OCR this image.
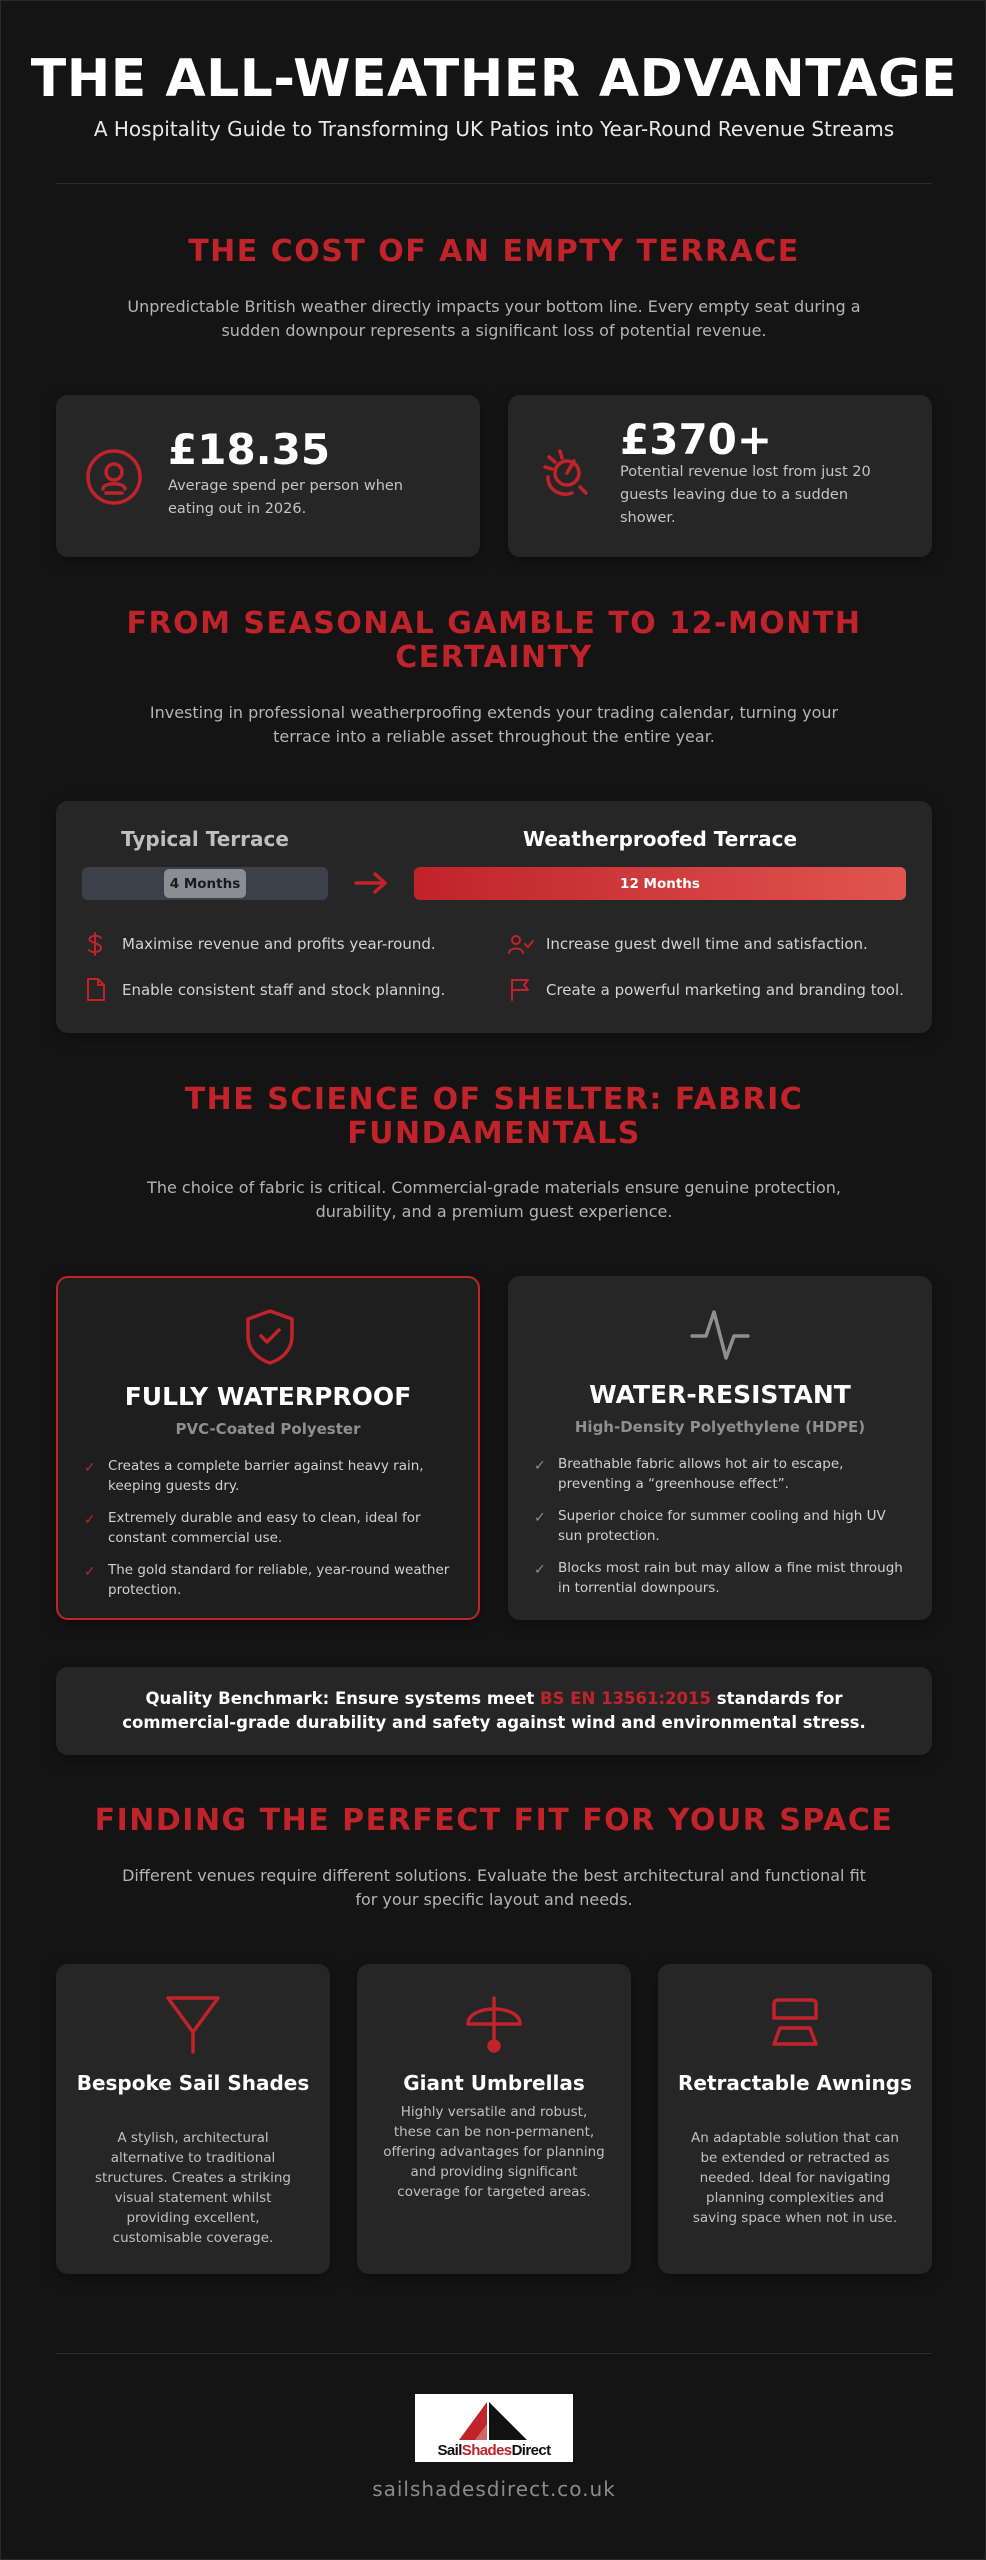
THE ALL-WEATHER ADVANTAGE
A Hospitality Guide to Transforming UK Patios into Year-Round Revenue Streams
THE COST OF AN EMPTY TERRACE
Unpredictable British weather directly impacts your bottom line. Every empty seat during a sudden downpour represents a significant loss of potential revenue.
£18.35
Average spend per person when eating out in 2026.
£370+
Potential revenue lost from just 20 guests leaving due to a sudden shower.
FROM SEASONAL GAMBLE TO 12-MONTH CERTAINTY
Investing in professional weatherproofing extends your trading calendar, turning your terrace into a reliable asset throughout the entire year.
Typical Terrace	Weatherproofed Terrace
4 Months	12 Months
Maximise revenue and profits year-round.	Increase guest dwell time and satisfaction.
Enable consistent staff and stock planning.	Create a powerful marketing and branding tool.
THE SCIENCE OF SHELTER: FABRIC FUNDAMENTALS
The choice of fabric is critical. Commercial-grade materials ensure genuine protection, durability, and a premium guest experience.
FULLY WATERPROOF
PVC-Coated Polyester
✓ Creates a complete barrier against heavy rain, keeping guests dry.
✓ Extremely durable and easy to clean, ideal for constant commercial use.
✓ The gold standard for reliable, year-round weather protection.
WATER-RESISTANT
High-Density Polyethylene (HDPE)
✓ Breathable fabric allows hot air to escape, preventing a “greenhouse effect”.
✓ Superior choice for summer cooling and high UV sun protection.
✓ Blocks most rain but may allow a fine mist through in torrential downpours.
Quality Benchmark: Ensure systems meet BS EN 13561:2015 standards for commercial-grade durability and safety against wind and environmental stress.
FINDING THE PERFECT FIT FOR YOUR SPACE
Different venues require different solutions. Evaluate the best architectural and functional fit for your specific layout and needs.
Bespoke Sail Shades
A stylish, architectural alternative to traditional structures. Creates a striking visual statement whilst providing excellent, customisable coverage.
Giant Umbrellas
Highly versatile and robust, these can be non-permanent, offering advantages for planning and providing significant coverage for targeted areas.
Retractable Awnings
An adaptable solution that can be extended or retracted as needed. Ideal for navigating planning complexities and saving space when not in use.
SailShadesDirect
sailshadesdirect.co.uk
